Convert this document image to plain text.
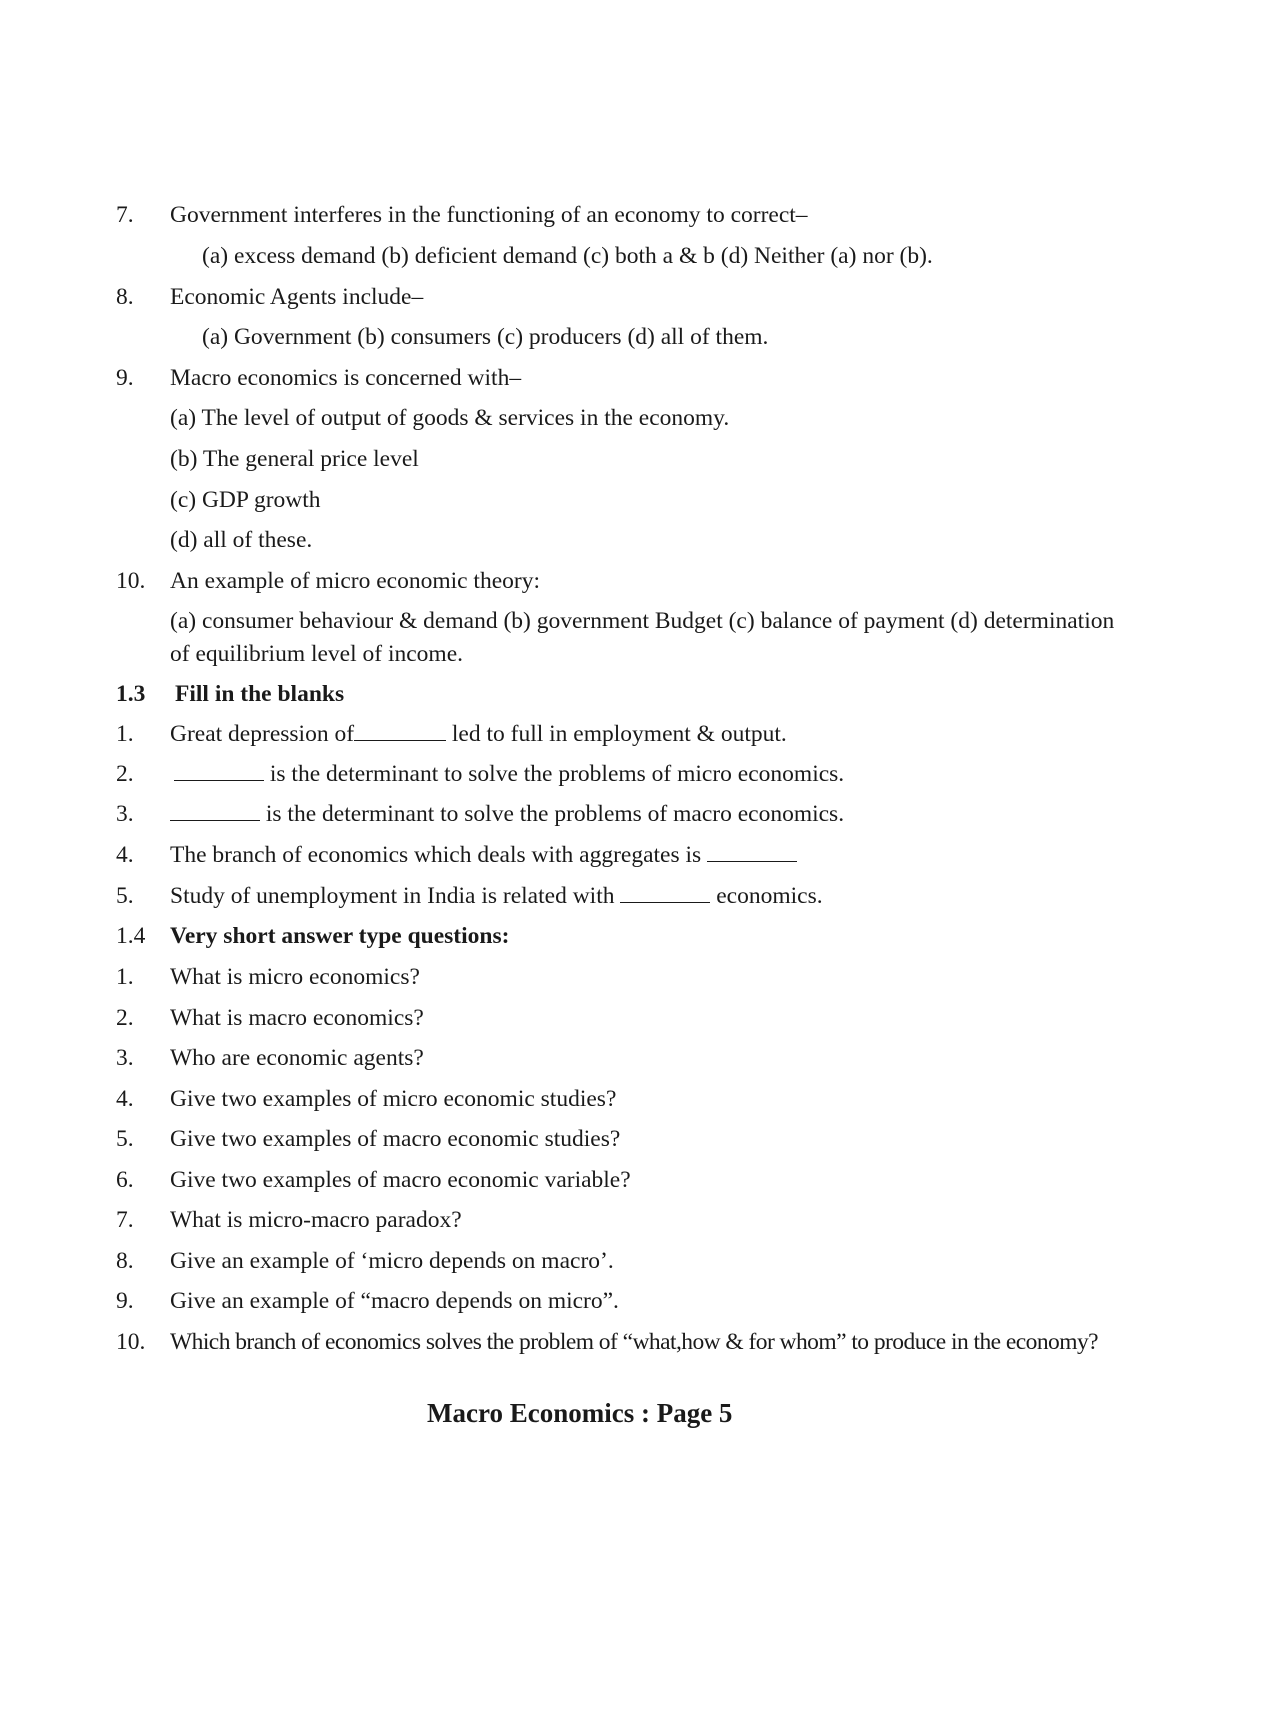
7. Government interferes in the functioning of an economy to correct–
(a) excess demand (b) deficient demand (c) both a & b (d) Neither (a) nor (b).
8. Economic Agents include–
(a) Government (b) consumers (c) producers (d) all of them.
9. Macro economics is concerned with–
(a) The level of output of goods & services in the economy.
(b) The general price level
(c) GDP growth
(d) all of these.
10. An example of micro economic theory:
(a) consumer behaviour & demand (b) government Budget (c) balance of payment (d) determination
of equilibrium level of income.
1.3 Fill in the blanks
1. Great depression of	led to full in employment & output.
2.	is the determinant to solve the problems of micro economics.
3.	is the determinant to solve the problems of macro economics.
4. The branch of economics which deals with aggregates is
5. Study of unemployment in India is related with	economics.
1.4 Very short answer type questions:
1. What is micro economics?
2. What is macro economics?
3. Who are economic agents?
4. Give two examples of micro economic studies?
5. Give two examples of macro economic studies?
6. Give two examples of macro economic variable?
7. What is micro-macro paradox?
8. Give an example of ‘micro depends on macro’.
9. Give an example of “macro depends on micro”.
10. Which branch of economics solves the problem of “what,how & for whom” to produce in the economy?
Macro Economics : Page 5
